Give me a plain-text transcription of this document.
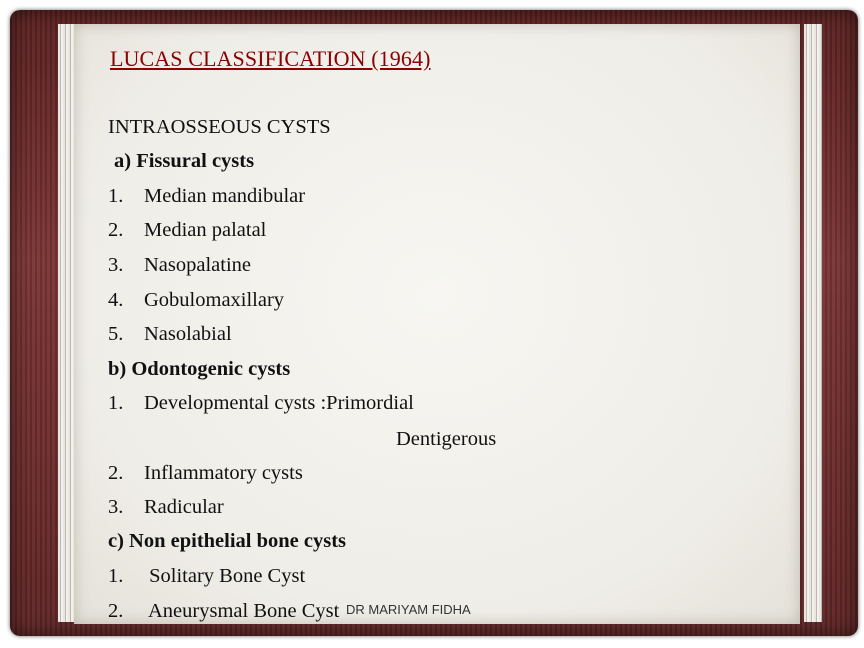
LUCAS CLASSIFICATION (1964)
INTRAOSSEOUS CYSTS
a) Fissural cysts
1. Median mandibular
2. Median palatal
3. Nasopalatine
4. Gobulomaxillary
5. Nasolabial
b) Odontogenic cysts
1. Developmental cysts :Primordial
Dentigerous
2. Inflammatory cysts
3. Radicular
c) Non epithelial bone cysts
1. Solitary Bone Cyst
2. Aneurysmal Bone Cyst DR MARIYAM FIDHA
